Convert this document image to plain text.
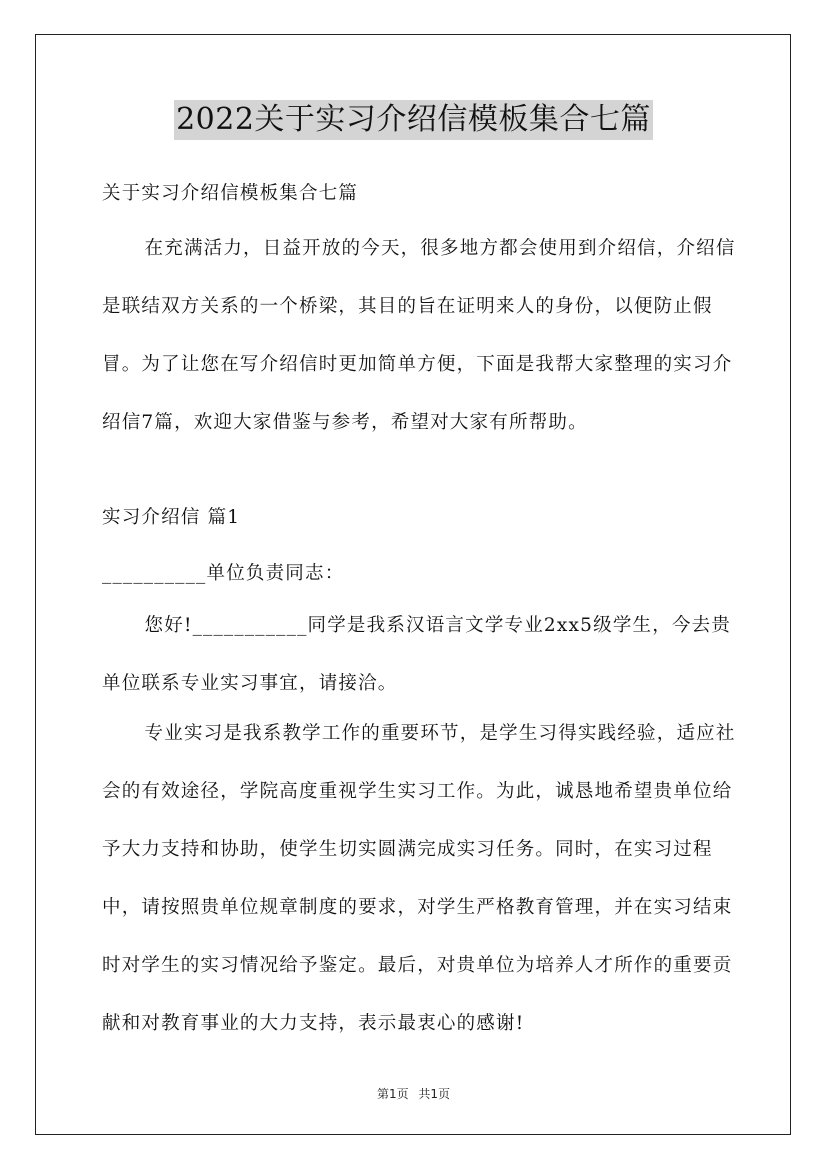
2022关于实习介绍信模板集合七篇

关于实习介绍信模板集合七篇

在充满活力，日益开放的今天，很多地方都会使用到介绍信，介绍信是联结双方关系的一个桥梁，其目的旨在证明来人的身份，以便防止假冒。为了让您在写介绍信时更加简单方便，下面是我帮大家整理的实习介绍信7篇，欢迎大家借鉴与参考，希望对大家有所帮助。

实习介绍信 篇1

__________单位负责同志：

您好!___________同学是我系汉语言文学专业2xx5级学生，今去贵单位联系专业实习事宜，请接洽。

专业实习是我系教学工作的重要环节，是学生习得实践经验，适应社会的有效途径，学院高度重视学生实习工作。为此，诚恳地希望贵单位给予大力支持和协助，使学生切实圆满完成实习任务。同时，在实习过程中，请按照贵单位规章制度的要求，对学生严格教育管理，并在实习结束时对学生的实习情况给予鉴定。最后，对贵单位为培养人才所作的重要贡献和对教育事业的大力支持，表示最衷心的感谢!

第1页 共1页
